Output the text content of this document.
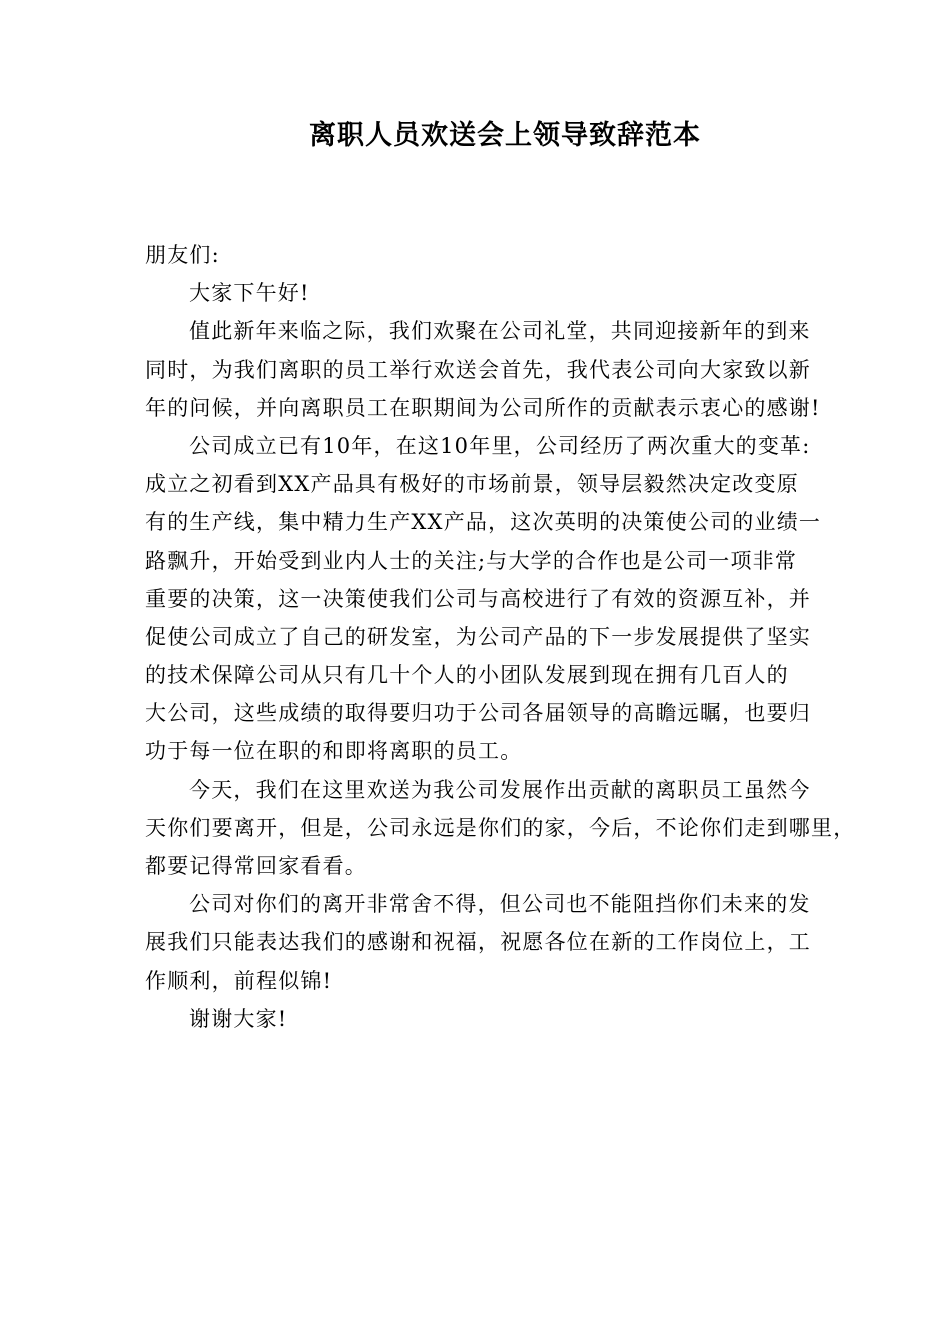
离职人员欢送会上领导致辞范本
朋友们:
大家下午好!
值此新年来临之际，我们欢聚在公司礼堂，共同迎接新年的到来
同时，为我们离职的员工举行欢送会首先，我代表公司向大家致以新
年的问候，并向离职员工在职期间为公司所作的贡献表示衷心的感谢!
公司成立已有10年，在这10年里，公司经历了两次重大的变革:
成立之初看到XX产品具有极好的市场前景，领导层毅然决定改变原
有的生产线，集中精力生产XX产品，这次英明的决策使公司的业绩一
路飘升，开始受到业内人士的关注;与大学的合作也是公司一项非常
重要的决策，这一决策使我们公司与高校进行了有效的资源互补，并
促使公司成立了自己的研发室，为公司产品的下一步发展提供了坚实
的技术保障公司从只有几十个人的小团队发展到现在拥有几百人的
大公司，这些成绩的取得要归功于公司各届领导的高瞻远瞩，也要归
功于每一位在职的和即将离职的员工。
今天，我们在这里欢送为我公司发展作出贡献的离职员工虽然今
天你们要离开，但是，公司永远是你们的家，今后，不论你们走到哪里，
都要记得常回家看看。
公司对你们的离开非常舍不得，但公司也不能阻挡你们未来的发
展我们只能表达我们的感谢和祝福，祝愿各位在新的工作岗位上，工
作顺利，前程似锦!
谢谢大家!
